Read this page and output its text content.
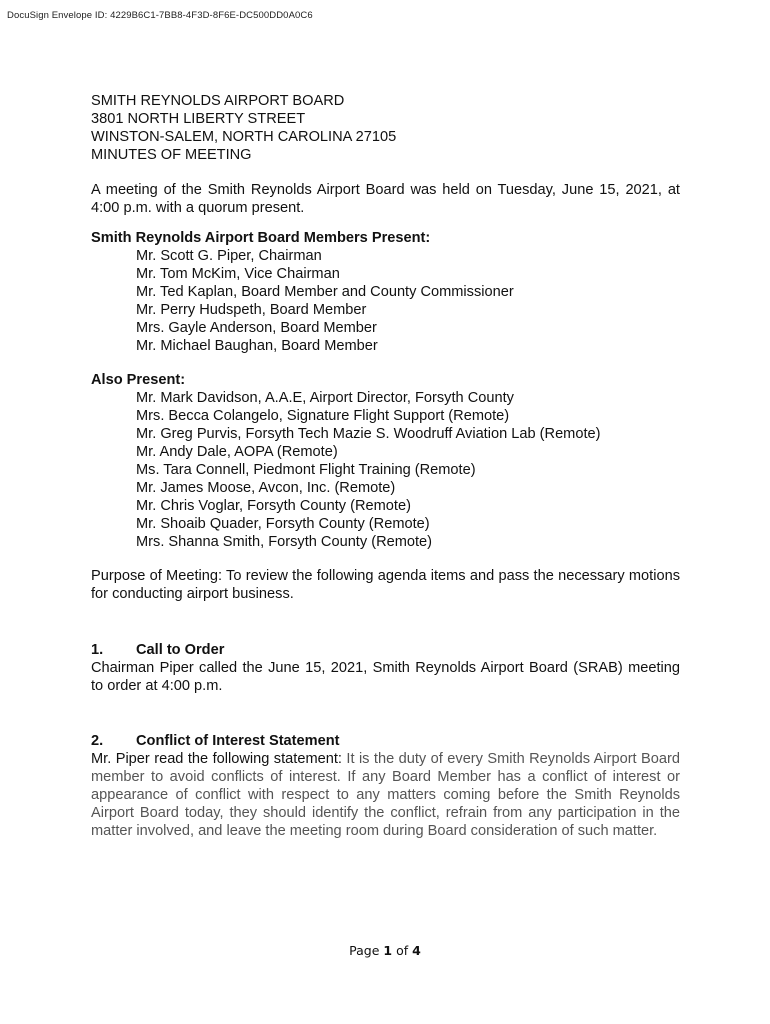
DocuSign Envelope ID: 4229B6C1-7BB8-4F3D-8F6E-DC500DD0A0C6
SMITH REYNOLDS AIRPORT BOARD
3801 NORTH LIBERTY STREET
WINSTON-SALEM, NORTH CAROLINA 27105
MINUTES OF MEETING

A meeting of the Smith Reynolds Airport Board was held on Tuesday, June 15, 2021, at 4:00 p.m. with a quorum present.

Smith Reynolds Airport Board Members Present:
Mr. Scott G. Piper, Chairman
Mr. Tom McKim, Vice Chairman
Mr. Ted Kaplan, Board Member and County Commissioner
Mr. Perry Hudspeth, Board Member
Mrs. Gayle Anderson, Board Member
Mr. Michael Baughan, Board Member
Also Present:
Mr. Mark Davidson, A.A.E, Airport Director, Forsyth County
Mrs. Becca Colangelo, Signature Flight Support (Remote)
Mr. Greg Purvis, Forsyth Tech Mazie S. Woodruff Aviation Lab (Remote)
Mr. Andy Dale, AOPA (Remote)
Ms. Tara Connell, Piedmont Flight Training (Remote)
Mr. James Moose, Avcon, Inc. (Remote)
Mr. Chris Voglar, Forsyth County (Remote)
Mr. Shoaib Quader, Forsyth County (Remote)
Mrs. Shanna Smith, Forsyth County (Remote)

Purpose of Meeting: To review the following agenda items and pass the necessary motions for conducting airport business.

1. Call to Order

Chairman Piper called the June 15, 2021, Smith Reynolds Airport Board (SRAB) meeting to order at 4:00 p.m.

2. Conflict of Interest Statement

Mr. Piper read the following statement: It is the duty of every Smith Reynolds Airport Board member to avoid conflicts of interest. If any Board Member has a conflict of interest or appearance of conflict with respect to any matters coming before the Smith Reynolds Airport Board today, they should identify the conflict, refrain from any participation in the matter involved, and leave the meeting room during Board consideration of such matter.

Page 1 of 4
